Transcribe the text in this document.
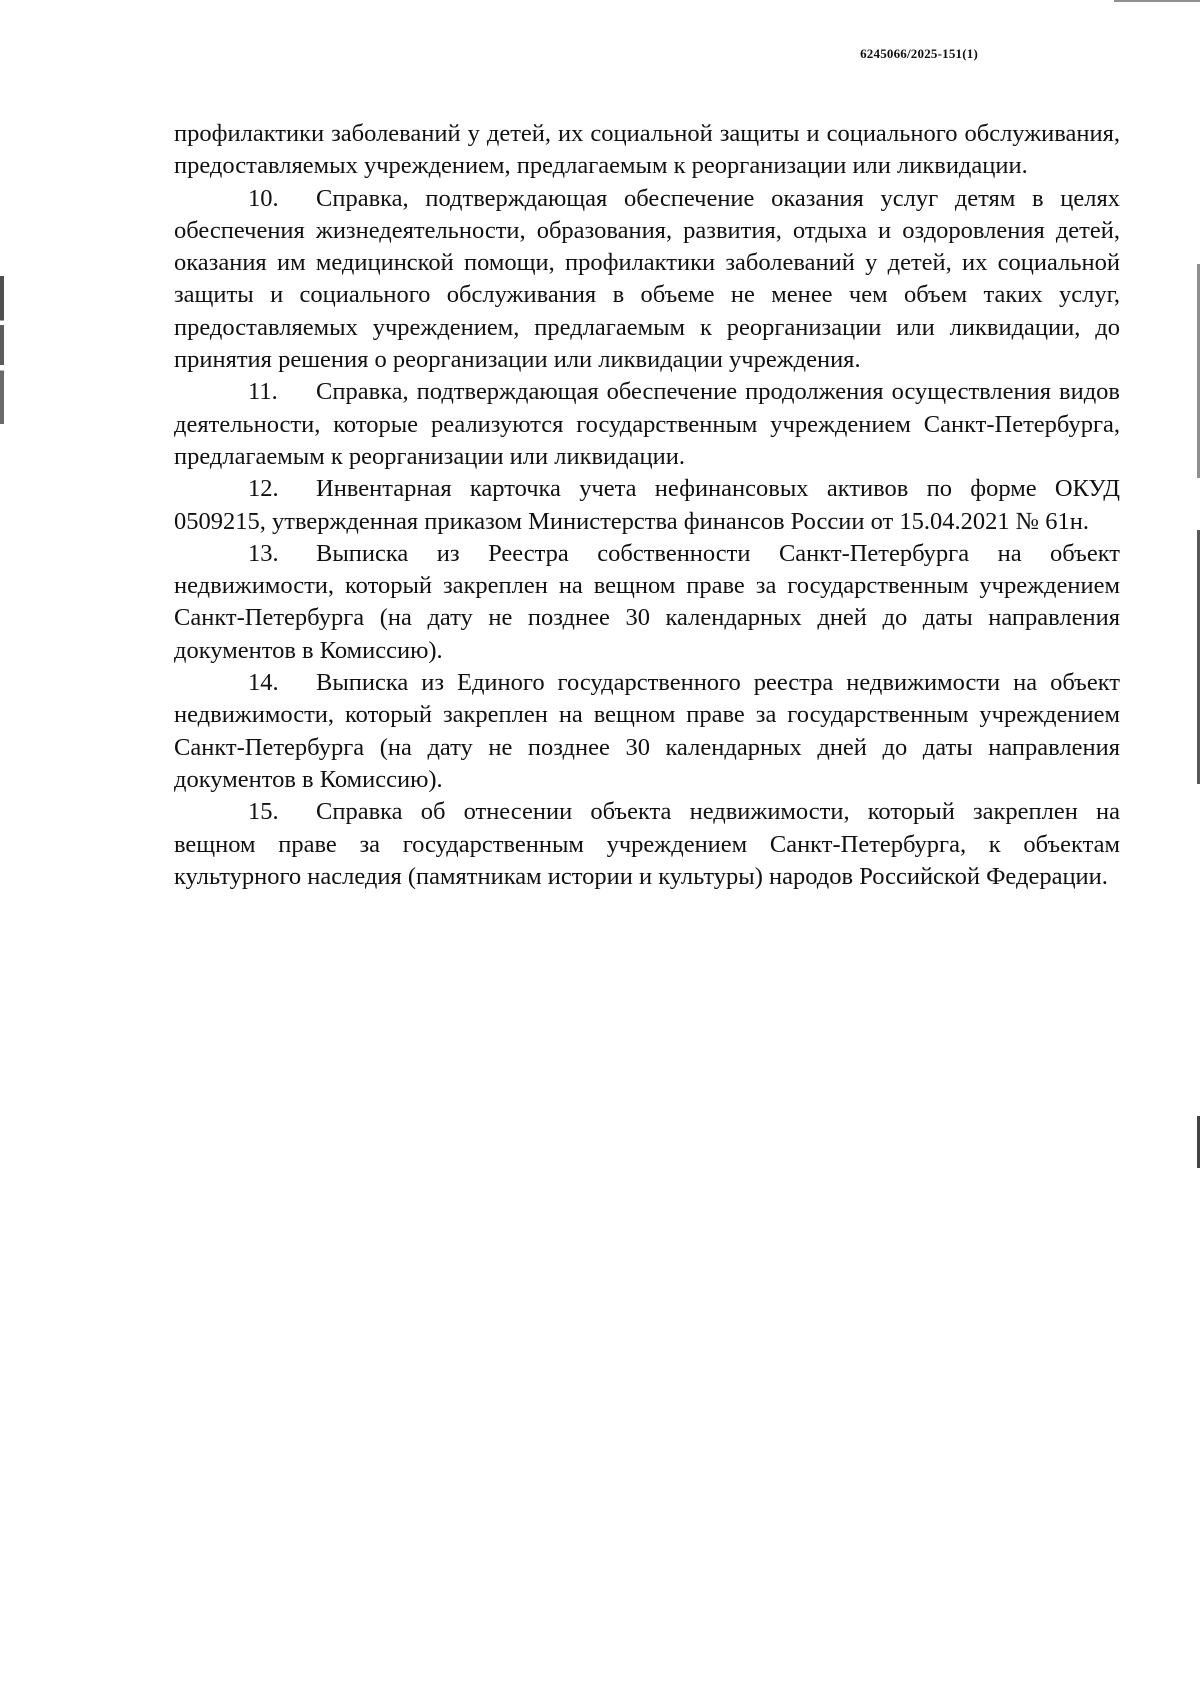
6245066/2025-151(1)

профилактики заболеваний у детей, их социальной защиты и социального обслуживания, предоставляемых учреждением, предлагаемым к реорганизации или ликвидации.

10. Справка, подтверждающая обеспечение оказания услуг детям в целях обеспечения жизнедеятельности, образования, развития, отдыха и оздоровления детей, оказания им медицинской помощи, профилактики заболеваний у детей, их социальной защиты и социального обслуживания в объеме не менее чем объем таких услуг, предоставляемых учреждением, предлагаемым к реорганизации или ликвидации, до принятия решения о реорганизации или ликвидации учреждения.

11. Справка, подтверждающая обеспечение продолжения осуществления видов деятельности, которые реализуются государственным учреждением Санкт-Петербурга, предлагаемым к реорганизации или ликвидации.

12. Инвентарная карточка учета нефинансовых активов по форме ОКУД 0509215, утвержденная приказом Министерства финансов России от 15.04.2021 № 61н.

13. Выписка из Реестра собственности Санкт-Петербурга на объект недвижимости, который закреплен на вещном праве за государственным учреждением Санкт-Петербурга (на дату не позднее 30 календарных дней до даты направления документов в Комиссию).

14. Выписка из Единого государственного реестра недвижимости на объект недвижимости, который закреплен на вещном праве за государственным учреждением Санкт-Петербурга (на дату не позднее 30 календарных дней до даты направления документов в Комиссию).

15. Справка об отнесении объекта недвижимости, который закреплен на вещном праве за государственным учреждением Санкт-Петербурга, к объектам культурного наследия (памятникам истории и культуры) народов Российской Федерации.
